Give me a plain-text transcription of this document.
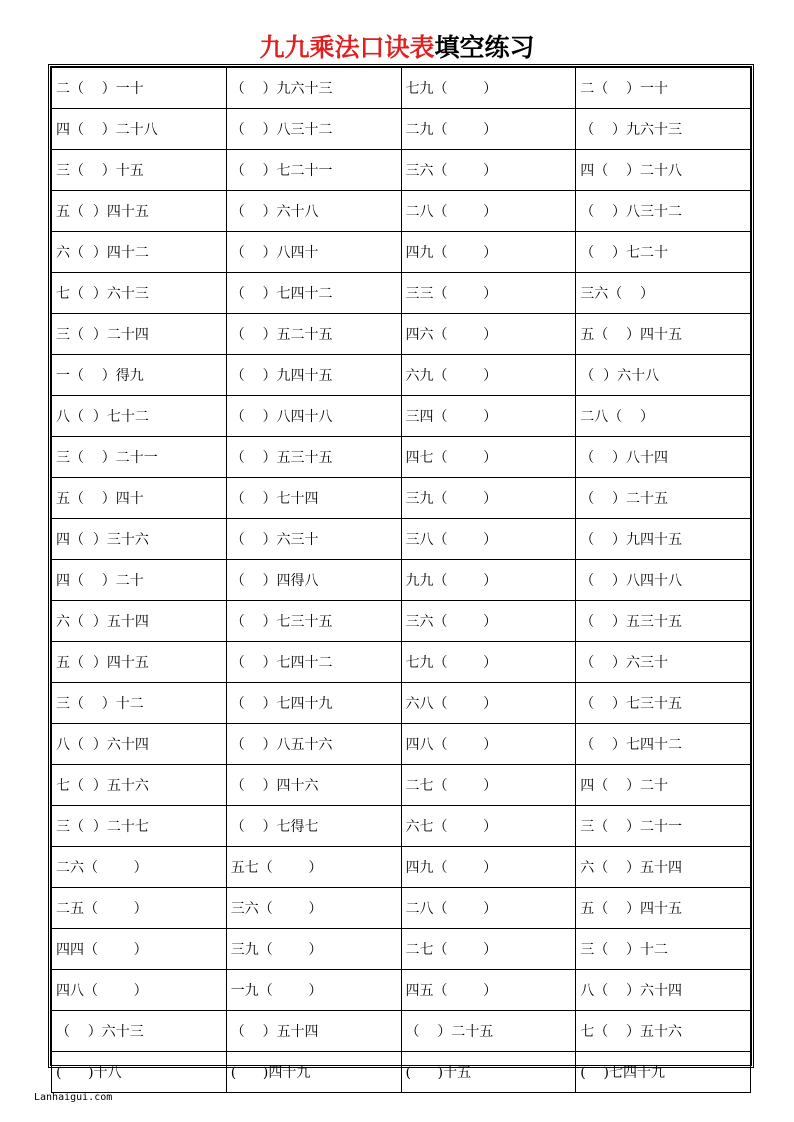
九九乘法口诀表填空练习
二（    ）一十	（    ）九六十三	七九（        ）	二（    ）一十
四（    ）二十八	（    ）八三十二	二九（        ）	（    ）九六十三
三（    ）十五	（    ）七二十一	三六（        ）	四（    ）二十八
五（  ）四十五	（    ）六十八	二八（        ）	（    ）八三十二
六（  ）四十二	（    ）八四十	四九（        ）	（    ）七二十
七（  ）六十三	（    ）七四十二	三三（        ）	三六（    ）
三（  ）二十四	（    ）五二十五	四六（        ）	五（    ）四十五
一（    ）得九	（    ）九四十五	六九（        ）	（  ）六十八
八（  ）七十二	（    ）八四十八	三四（        ）	二八（    ）
三（    ）二十一	（    ）五三十五	四七（        ）	（    ）八十四
五（    ）四十	（    ）七十四	三九（        ）	（    ）二十五
四（  ）三十六	（    ）六三十	三八（        ）	（    ）九四十五
四（    ）二十	（    ）四得八	九九（        ）	（    ）八四十八
六（  ）五十四	（    ）七三十五	三六（        ）	（    ）五三十五
五（  ）四十五	（    ）七四十二	七九（        ）	（    ）六三十
三（    ）十二	（    ）七四十九	六八（        ）	（    ）七三十五
八（  ）六十四	（    ）八五十六	四八（        ）	（    ）七四十二
七（  ）五十六	（    ）四十六	二七（        ）	四（    ）二十
三（  ）二十七	（    ）七得七	六七（        ）	三（    ）二十一
二六（        ）	五七（        ）	四九（        ）	六（    ）五十四
二五（        ）	三六（        ）	二八（        ）	五（    ）四十五
四四（        ）	三九（        ）	二七（        ）	三（    ）十二
四八（        ）	一九（        ）	四五（        ）	八（    ）六十四
（    ）六十三	（    ）五十四	（    ）二十五	七（    ）五十六
(      )十八	(      )四十九	(      )十五	(    )七四十九
Lanhaigui.com
